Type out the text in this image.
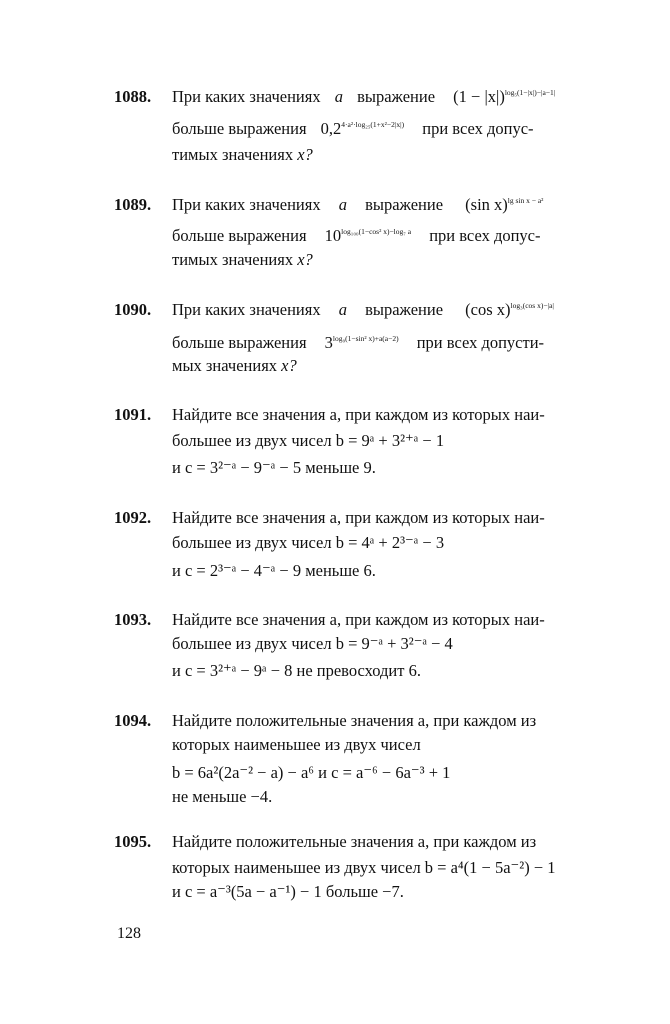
1088. При каких значениях a выражение $(1 - |x|)^{log_5(1-|x|)-|a-1|}$
больше выражения $0,2^{4\cdot a^2\cdot log_{25}(1+x^2-2|x|)}$ при всех допус-
тимых значениях x?
1089. При каких значениях a выражение (sin x)$^{lg sin x - a^2}$
больше выражения $10^{log_{100}(1-cos^2 x)-log_7 a}$ при всех допус-
тимых значениях x?
1090. При каких значениях a выражение (cos x)$^{log_3(cos x)-|a|}$
больше выражения $3^{log_9(1-sin^2 x)+a(a-2)}$ при всех допусти-
мых значениях x?
1091. Найдите все значения a, при каждом из которых наи-
большее из двух чисел b = 9ᵃ + 3²⁺ᵃ − 1
и c = 3²⁻ᵃ − 9⁻ᵃ − 5 меньше 9.
1092. Найдите все значения a, при каждом из которых наи-
большее из двух чисел b = 4ᵃ + 2³⁻ᵃ − 3
и c = 2³⁻ᵃ − 4⁻ᵃ − 9 меньше 6.
1093. Найдите все значения a, при каждом из которых наи-
большее из двух чисел b = 9⁻ᵃ + 3²⁻ᵃ − 4
и c = 3²⁺ᵃ − 9ᵃ − 8 не превосходит 6.
1094. Найдите положительные значения a, при каждом из
которых наименьшее из двух чисел
b = 6a²(2a⁻² − a) − a⁶ и c = a⁻⁶ − 6a⁻³ + 1
не меньше −4.
1095. Найдите положительные значения a, при каждом из
которых наименьшее из двух чисел b = a⁴(1 − 5a⁻²) − 1
и c = a⁻³(5a − a⁻¹) − 1 больше −7.
128
